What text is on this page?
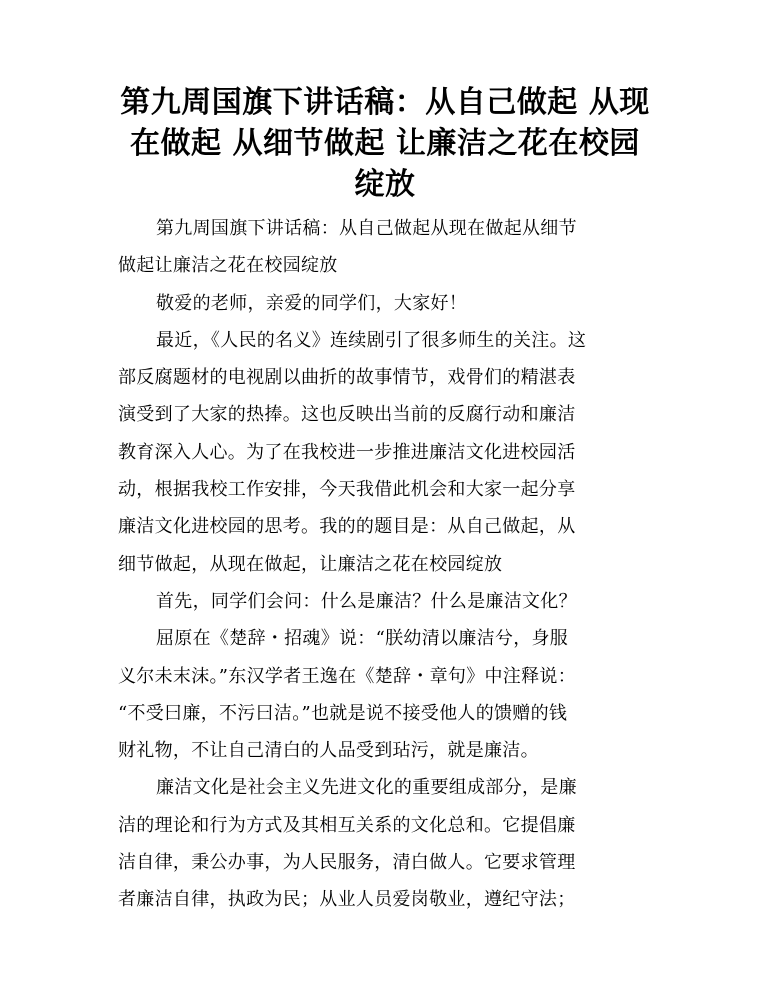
第九周国旗下讲话稿：从自己做起 从现
在做起 从细节做起 让廉洁之花在校园
绽放
第九周国旗下讲话稿：从自己做起从现在做起从细节
做起让廉洁之花在校园绽放
敬爱的老师，亲爱的同学们，大家好！
最近，《人民的名义》连续剧引了很多师生的关注。这
部反腐题材的电视剧以曲折的故事情节，戏骨们的精湛表
演受到了大家的热捧。这也反映出当前的反腐行动和廉洁
教育深入人心。为了在我校进一步推进廉洁文化进校园活
动，根据我校工作安排，今天我借此机会和大家一起分享
廉洁文化进校园的思考。我的的题目是：从自己做起，从
细节做起，从现在做起，让廉洁之花在校园绽放
首先，同学们会问：什么是廉洁？什么是廉洁文化？
屈原在《楚辞・招魂》说：“朕幼清以廉洁兮，身服
义尔未末沫。”东汉学者王逸在《楚辞・章句》中注释说：
“不受曰廉，不污曰洁。”也就是说不接受他人的馈赠的钱
财礼物，不让自己清白的人品受到玷污，就是廉洁。
廉洁文化是社会主义先进文化的重要组成部分，是廉
洁的理论和行为方式及其相互关系的文化总和。它提倡廉
洁自律，秉公办事，为人民服务，清白做人。它要求管理
者廉洁自律，执政为民；从业人员爱岗敬业，遵纪守法；
